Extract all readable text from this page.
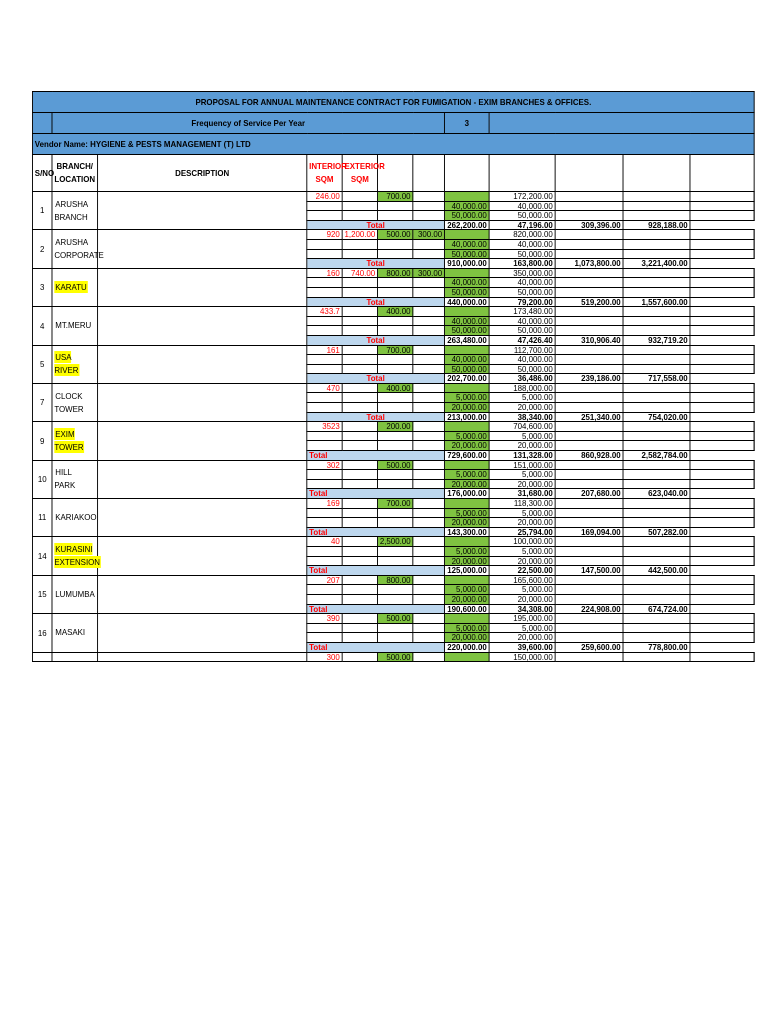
PROPOSAL FOR ANNUAL MAINTENANCE CONTRACT FOR FUMIGATION - EXIM BRANCHES & OFFICES.												
	Frequency of Service Per Year						3					
Vendor Name: HYGIENE & PESTS MANAGEMENT (T) LTD												
S/NO	BRANCH/ LOCATION	DESCRIPTION	INTERIOR SQM	EXTERIOR SQM								
1	ARUSHA BRANCH		246.00		700.00			172,200.00				
							40,000.00	40,000.00				
							50,000.00	50,000.00				
			Total				262,200.00	47,196.00	309,396.00	928,188.00		
2	ARUSHA CORPORATE		920	1,200.00	500.00	300.00		820,000.00				
							40,000.00	40,000.00				
							50,000.00	50,000.00				
			Total				910,000.00	163,800.00	1,073,800.00	3,221,400.00		
3	KARATU		160	740.00	800.00	300.00		350,000.00				
							40,000.00	40,000.00				
							50,000.00	50,000.00				
			Total				440,000.00	79,200.00	519,200.00	1,557,600.00		
4	MT.MERU		433.7		400.00			173,480.00				
							40,000.00	40,000.00				
							50,000.00	50,000.00				
			Total				263,480.00	47,426.40	310,906.40	932,719.20		
5	USA RIVER		161		700.00			112,700.00				
							40,000.00	40,000.00				
							50,000.00	50,000.00				
			Total				202,700.00	36,486.00	239,186.00	717,558.00		
7	CLOCK TOWER		470		400.00			188,000.00				
							5,000.00	5,000.00				
							20,000.00	20,000.00				
			Total				213,000.00	38,340.00	251,340.00	754,020.00		
9	EXIM TOWER		3523		200.00			704,600.00				
							5,000.00	5,000.00				
							20,000.00	20,000.00				
			Total				729,600.00	131,328.00	860,928.00	2,582,784.00		
10	HILL PARK		302		500.00			151,000.00				
							5,000.00	5,000.00				
							20,000.00	20,000.00				
			Total				176,000.00	31,680.00	207,680.00	623,040.00		
11	KARIAKOO		169		700.00			118,300.00				
							5,000.00	5,000.00				
							20,000.00	20,000.00				
			Total				143,300.00	25,794.00	169,094.00	507,282.00		
14	KURASINI EXTENSION		40		2,500.00			100,000.00				
							5,000.00	5,000.00				
							20,000.00	20,000.00				
			Total				125,000.00	22,500.00	147,500.00	442,500.00		
15	LUMUMBA		207		800.00			165,600.00				
							5,000.00	5,000.00				
							20,000.00	20,000.00				
			Total				190,600.00	34,308.00	224,908.00	674,724.00		
16	MASAKI		390		500.00			195,000.00				
							5,000.00	5,000.00				
							20,000.00	20,000.00				
			Total				220,000.00	39,600.00	259,600.00	778,800.00		
			300		500.00			150,000.00				
